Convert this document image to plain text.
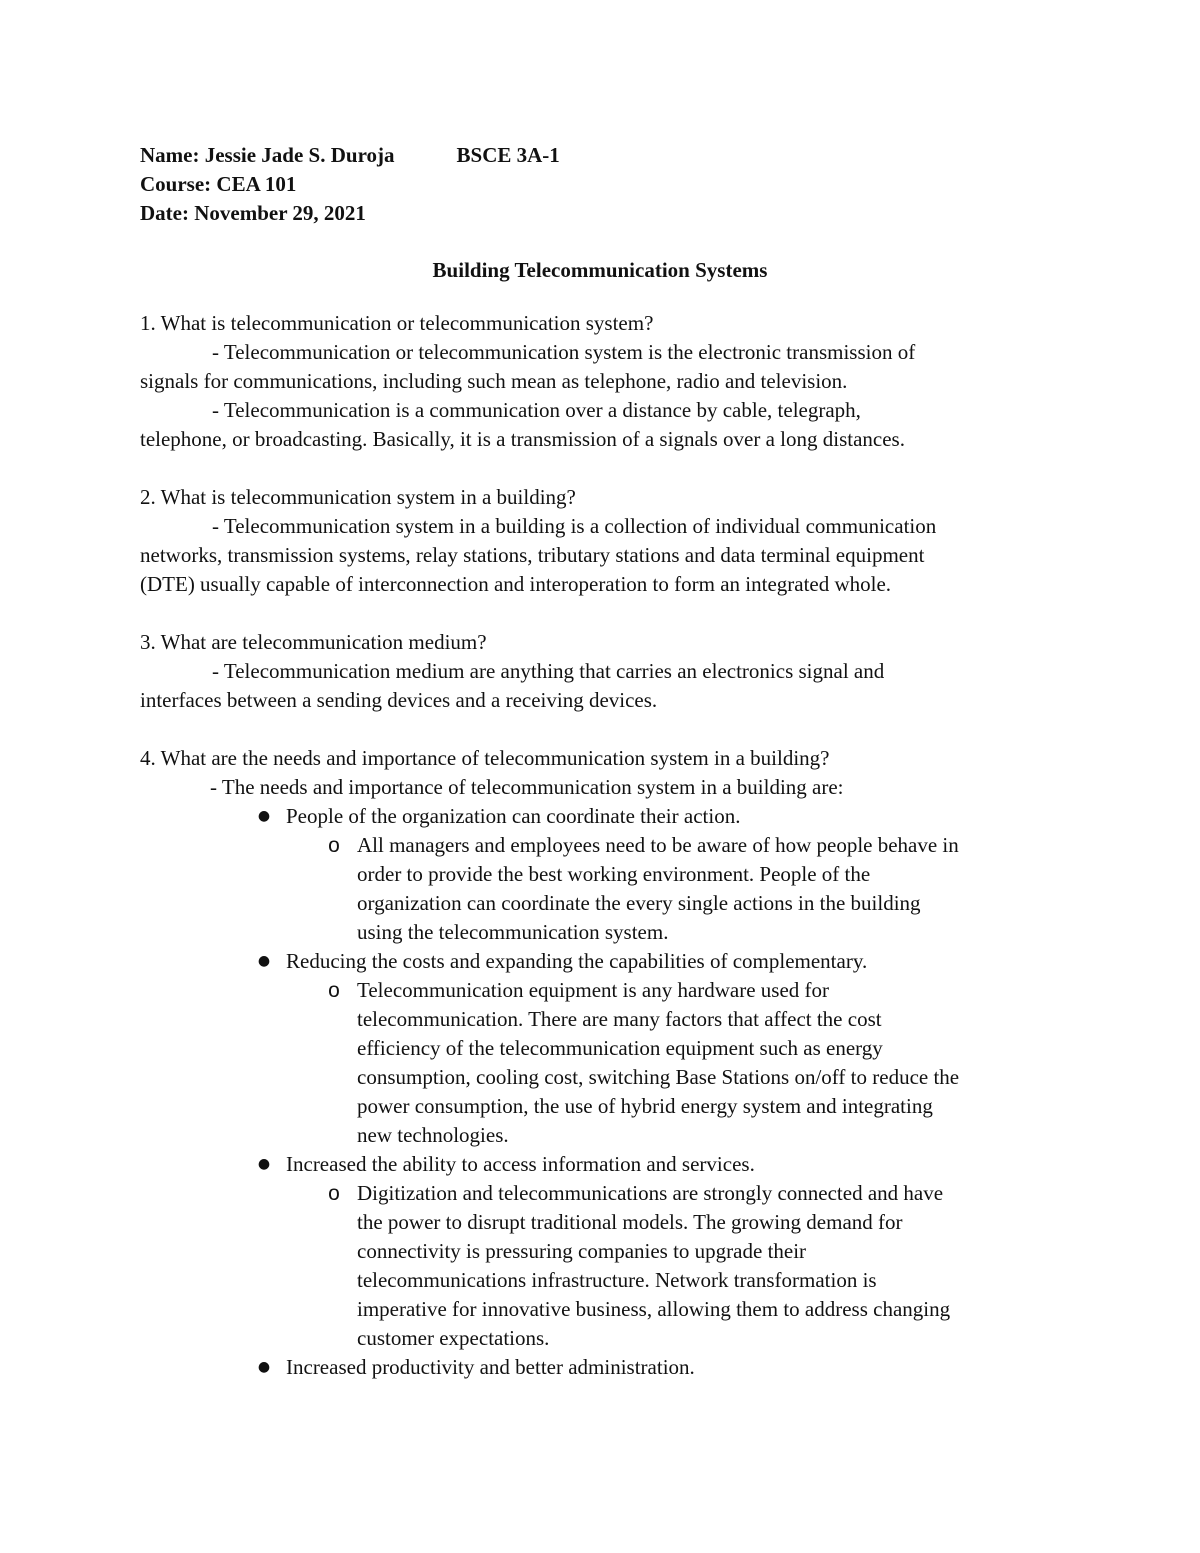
Name: Jessie Jade S. Duroja	BSCE 3A-1
Course: CEA 101
Date: November 29, 2021
Building Telecommunication Systems
1. What is telecommunication or telecommunication system?
- Telecommunication or telecommunication system is the electronic transmission of
signals for communications, including such mean as telephone, radio and television.
- Telecommunication is a communication over a distance by cable, telegraph,
telephone, or broadcasting. Basically, it is a transmission of a signals over a long distances.
2. What is telecommunication system in a building?
- Telecommunication system in a building is a collection of individual communication
networks, transmission systems, relay stations, tributary stations and data terminal equipment
(DTE) usually capable of interconnection and interoperation to form an integrated whole.
3. What are telecommunication medium?
- Telecommunication medium are anything that carries an electronics signal and
interfaces between a sending devices and a receiving devices.
4. What are the needs and importance of telecommunication system in a building?
- The needs and importance of telecommunication system in a building are:
● People of the organization can coordinate their action.
o All managers and employees need to be aware of how people behave in
order to provide the best working environment. People of the
organization can coordinate the every single actions in the building
using the telecommunication system.
● Reducing the costs and expanding the capabilities of complementary.
o Telecommunication equipment is any hardware used for
telecommunication. There are many factors that affect the cost
efficiency of the telecommunication equipment such as energy
consumption, cooling cost, switching Base Stations on/off to reduce the
power consumption, the use of hybrid energy system and integrating
new technologies.
● Increased the ability to access information and services.
o Digitization and telecommunications are strongly connected and have
the power to disrupt traditional models. The growing demand for
connectivity is pressuring companies to upgrade their
telecommunications infrastructure. Network transformation is
imperative for innovative business, allowing them to address changing
customer expectations.
● Increased productivity and better administration.
